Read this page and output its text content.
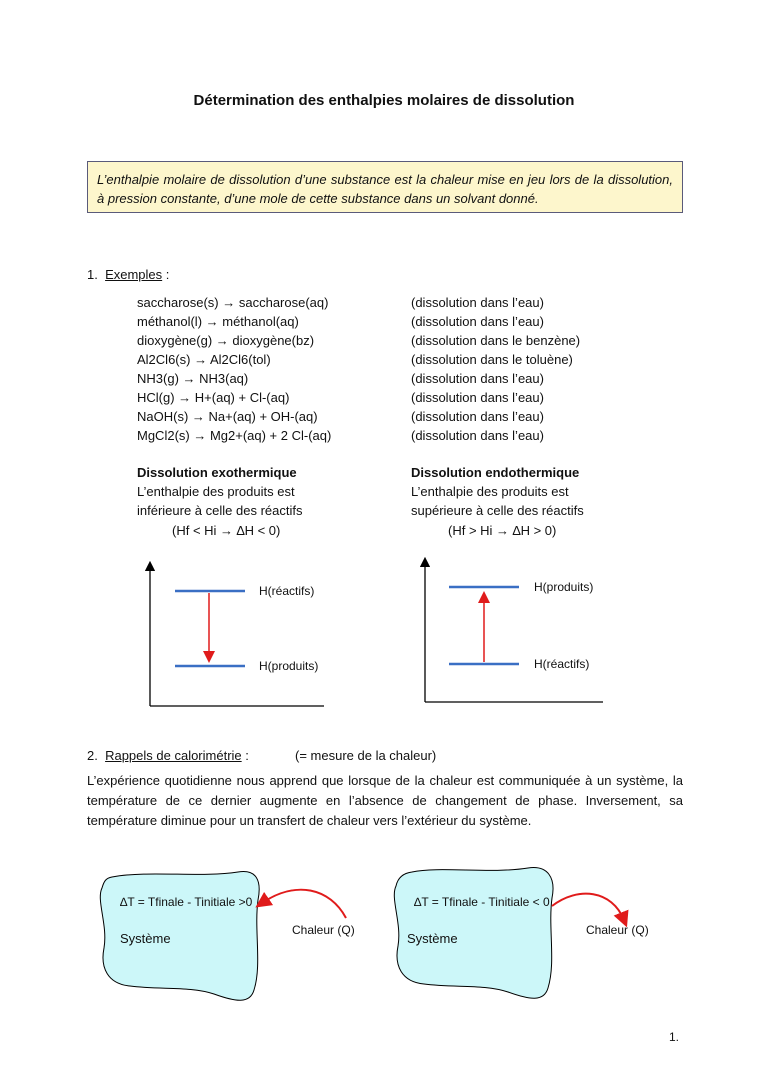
Détermination des enthalpies molaires de dissolution
L’enthalpie molaire de dissolution d’une substance est la chaleur mise en jeu lors de la dissolution, à pression constante, d’une mole de cette substance dans un solvant donné.
1. Exemples :
saccharose(s) → saccharose(aq)
méthanol(l) → méthanol(aq)
dioxygène(g) → dioxygène(bz)
Al2Cl6(s) → Al2Cl6(tol)
NH3(g) → NH3(aq)
HCl(g) → H+(aq) + Cl-(aq)
NaOH(s) → Na+(aq) + OH-(aq)
MgCl2(s) → Mg2+(aq) + 2 Cl-(aq)
(dissolution dans l’eau)
(dissolution dans l’eau)
(dissolution dans le benzène)
(dissolution dans le toluène)
(dissolution dans l’eau)
(dissolution dans l’eau)
(dissolution dans l’eau)
(dissolution dans l’eau)
Dissolution exothermique
L’enthalpie des produits est
inférieure à celle des réactifs
(Hf < Hi → ∆H < 0)
Dissolution endothermique
L’enthalpie des produits est
supérieure à celle des réactifs
(Hf > Hi → ∆H > 0)
H(réactifs)
H(produits)
H(produits)
H(réactifs)
2. Rappels de calorimétrie :	(= mesure de la chaleur)
L’expérience quotidienne nous apprend que lorsque de la chaleur est communiquée à un système, la température de ce dernier augmente en l’absence de changement de phase. Inversement, sa température diminue pour un transfert de chaleur vers l’extérieur du système.
∆T = Tfinale - Tinitiale >0
Système
Chaleur (Q)
∆T = Tfinale - Tinitiale < 0
Système
Chaleur (Q)
1.
